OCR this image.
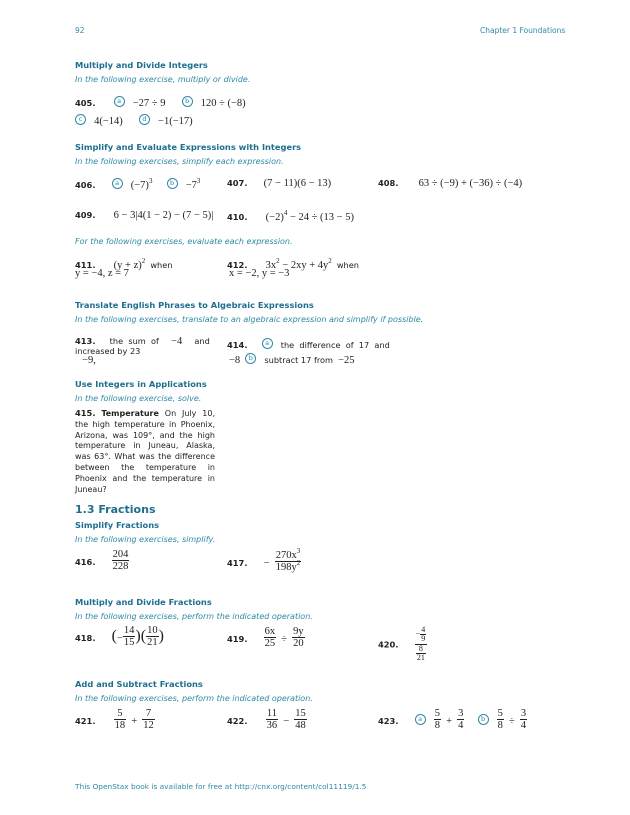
92	Chapter 1 Foundations
Multiply and Divide Integers
In the following exercise, multiply or divide.
405.	a −27 ÷ 9	b 120 ÷ (−8)
c 4(−14)	d −1(−17)
Simplify and Evaluate Expressions with Integers
In the following exercises, simplify each expression.
406.	a $(-7)^3$	$b -7^3$	407. (7 − 11)(6 − 13)	408. 63 ÷ (−9) + (−36) ÷ (−4)
409. 6 − 3|4(1 − 2) − (7 − 5)| 410. $(-2)^4 - 24 \div (13 - 5)$
For the following exercises, evaluate each expression.
411. $(y + z)^2$ when
y = −4, z = 7
412. $3x^2 - 2xy + 4y^2$ when
x = −2, y = −3
Translate English Phrases to Algebraic Expressions
In the following exercises, translate to an algebraic expression and simplify if possible.
413. the  sum  of −4 and  −9,
increased by 23
414.	a the  difference  of  17  and
−8 b subtract 17 from −25
Use Integers in Applications
In the following exercise, solve.
415. Temperature On July 10, the high temperature in Phoenix, Arizona, was 109°, and the high temperature in Juneau, Alaska, was 63°. What was the difference between the temperature in Phoenix and the temperature in Juneau?
1.3 Fractions
Simplify Fractions
In the following exercises, simplify.
416. $\frac{204}{228}$	417. − $\frac{270x^3}{198y^2}$
Multiply and Divide Fractions
In the following exercises, perform the indicated operation.
418. (− $\frac{14}{15}$ )( $\frac{10}{21}$ )	419. $\frac{6x}{25} \div \frac{9y}{20}$	420. $\frac{- \frac{4}{9}}{\frac{8}{21}}$
Add and Subtract Fractions
In the following exercises, perform the indicated operation.
421. $\frac{5}{18} + \frac{7}{12}$	422. $\frac{11}{36} - \frac{15}{48}$	423.	a $\frac{5}{8} + \frac{3}{4}$	b $\frac{5}{8} \div \frac{3}{4}$
This OpenStax book is available for free at http://cnx.org/content/col11119/1.5
